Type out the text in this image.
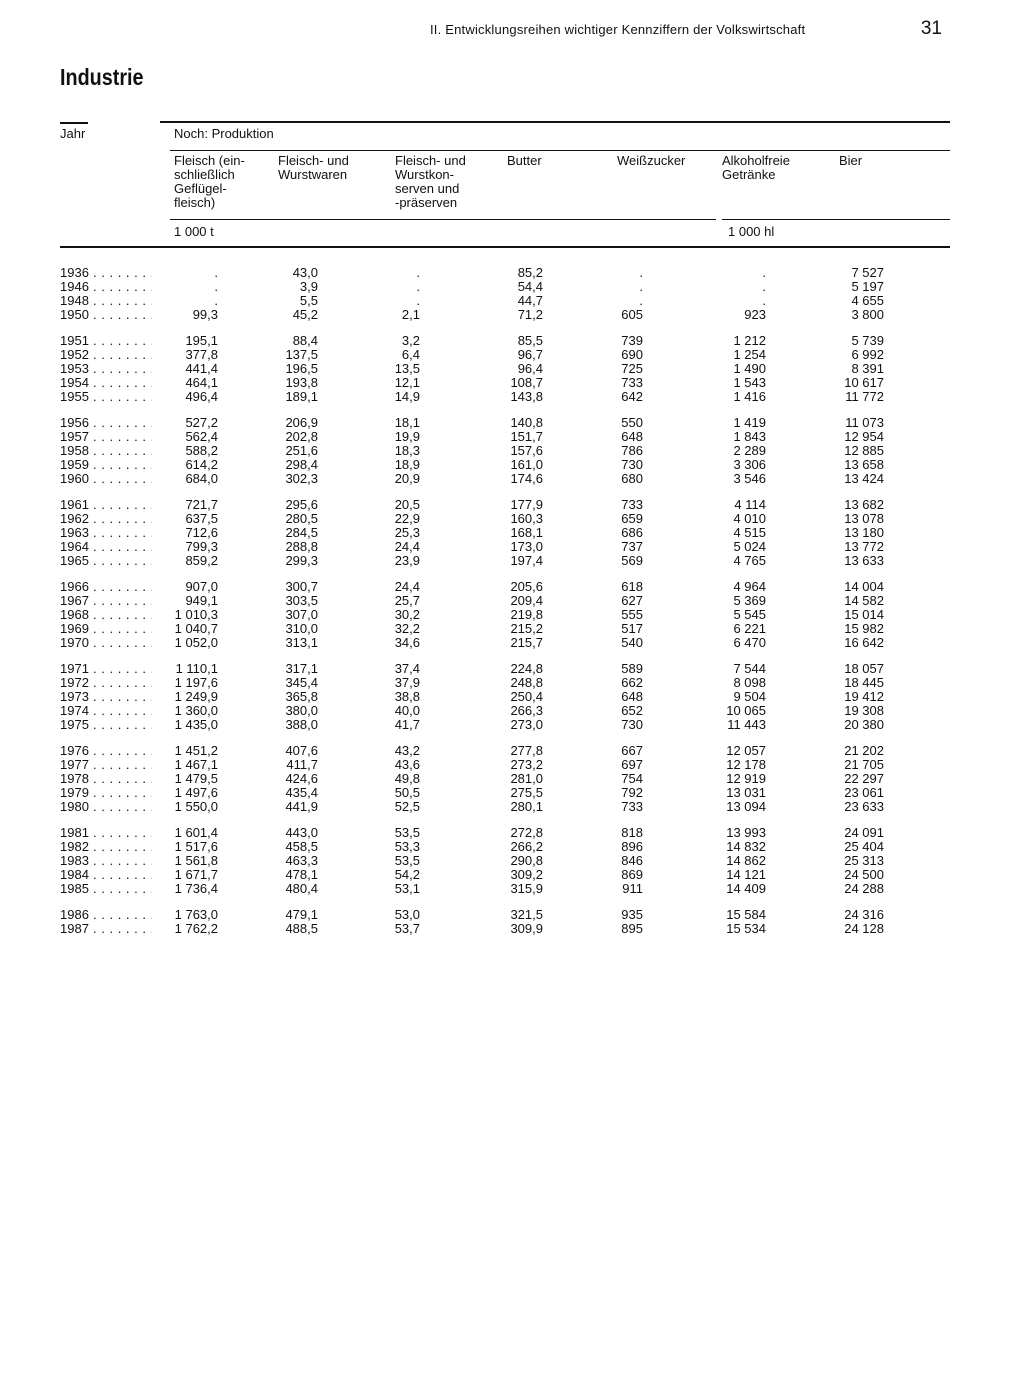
II. Entwicklungsreihen wichtiger Kennziffern der Volkswirtschaft	31
Industrie
Jahr	Noch: Produktion
Fleisch (ein-
schließlich
Geflügel-
fleisch)
Fleisch- und
Wurstwaren
Fleisch- und
Wurstkon-
serven und
-präserven
Butter	Weißzucker	Alkoholfreie
Getränke
Bier
1 000 t	1 000 hl
1936 . . .	.	43,0	.	85,2	.	.	7 527
1946 . . .	.	3,9	.	54,4	.	.	5 197
1948 . . .	.	5,5	.	44,7	.	.	4 655
1950 . . .	99,3	45,2	2,1	71,2	605	923	3 800
1951 . . .	195,1	88,4	3,2	85,5	739	1 212	5 739
1952 . . .	377,8	137,5	6,4	96,7	690	1 254	6 992
1953 . . .	441,4	196,5	13,5	96,4	725	1 490	8 391
1954 . . .	464,1	193,8	12,1	108,7	733	1 543	10 617
1955 . . .	496,4	189,1	14,9	143,8	642	1 416	11 772
1956 . . .	527,2	206,9	18,1	140,8	550	1 419	11 073
1957 . . .	562,4	202,8	19,9	151,7	648	1 843	12 954
1958 . . .	588,2	251,6	18,3	157,6	786	2 289	12 885
1959 . . .	614,2	298,4	18,9	161,0	730	3 306	13 658
1960 . . .	684,0	302,3	20,9	174,6	680	3 546	13 424
1961 . . .	721,7	295,6	20,5	177,9	733	4 114	13 682
1962 . . .	637,5	280,5	22,9	160,3	659	4 010	13 078
1963 . . .	712,6	284,5	25,3	168,1	686	4 515	13 180
1964 . . .	799,3	288,8	24,4	173,0	737	5 024	13 772
1965 . . .	859,2	299,3	23,9	197,4	569	4 765	13 633
1966 . . .	907,0	300,7	24,4	205,6	618	4 964	14 004
1967 . . .	949,1	303,5	25,7	209,4	627	5 369	14 582
1968 . . .	1 010,3	307,0	30,2	219,8	555	5 545	15 014
1969 . . .	1 040,7	310,0	32,2	215,2	517	6 221	15 982
1970 . . .	1 052,0	313,1	34,6	215,7	540	6 470	16 642
1971 . . .	1 110,1	317,1	37,4	224,8	589	7 544	18 057
1972 . . .	1 197,6	345,4	37,9	248,8	662	8 098	18 445
1973 . . .	1 249,9	365,8	38,8	250,4	648	9 504	19 412
1974 . . .	1 360,0	380,0	40,0	266,3	652	10 065	19 308
1975 . . .	1 435,0	388,0	41,7	273,0	730	11 443	20 380
1976 . . .	1 451,2	407,6	43,2	277,8	667	12 057	21 202
1977 . . .	1 467,1	411,7	43,6	273,2	697	12 178	21 705
1978 . . .	1 479,5	424,6	49,8	281,0	754	12 919	22 297
1979 . . .	1 497,6	435,4	50,5	275,5	792	13 031	23 061
1980 . . .	1 550,0	441,9	52,5	280,1	733	13 094	23 633
1981 . . .	1 601,4	443,0	53,5	272,8	818	13 993	24 091
1982 . . .	1 517,6	458,5	53,3	266,2	896	14 832	25 404
1983 . . .	1 561,8	463,3	53,5	290,8	846	14 862	25 313
1984 . . .	1 671,7	478,1	54,2	309,2	869	14 121	24 500
1985 . . .	1 736,4	480,4	53,1	315,9	911	14 409	24 288
1986 . . .	1 763,0	479,1	53,0	321,5	935	15 584	24 316
1987 . . .	1 762,2	488,5	53,7	309,9	895	15 534	24 128
